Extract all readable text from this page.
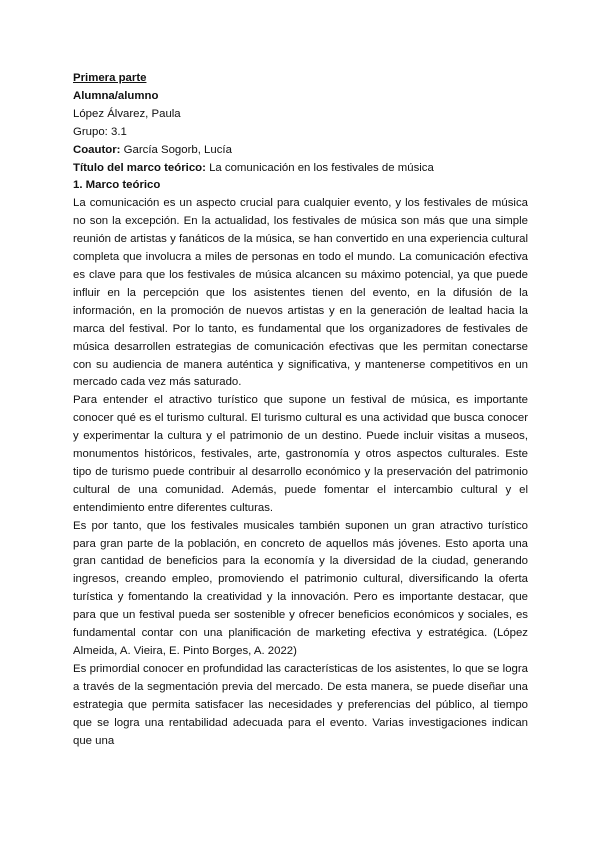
Primera parte
Alumna/alumno
López Álvarez, Paula
Grupo: 3.1
Coautor: García Sogorb, Lucía
Título del marco teórico: La comunicación en los festivales de música
1. Marco teórico

La comunicación es un aspecto crucial para cualquier evento, y los festivales de música no son la excepción. En la actualidad, los festivales de música son más que una simple reunión de artistas y fanáticos de la música, se han convertido en una experiencia cultural completa que involucra a miles de personas en todo el mundo. La comunicación efectiva es clave para que los festivales de música alcancen su máximo potencial, ya que puede influir en la percepción que los asistentes tienen del evento, en la difusión de la información, en la promoción de nuevos artistas y en la generación de lealtad hacia la marca del festival. Por lo tanto, es fundamental que los organizadores de festivales de música desarrollen estrategias de comunicación efectivas que les permitan conectarse con su audiencia de manera auténtica y significativa, y mantenerse competitivos en un mercado cada vez más saturado.

Para entender el atractivo turístico que supone un festival de música, es importante conocer qué es el turismo cultural. El turismo cultural es una actividad que busca conocer y experimentar la cultura y el patrimonio de un destino. Puede incluir visitas a museos, monumentos históricos, festivales, arte, gastronomía y otros aspectos culturales. Este tipo de turismo puede contribuir al desarrollo económico y la preservación del patrimonio cultural de una comunidad. Además, puede fomentar el intercambio cultural y el entendimiento entre diferentes culturas.

Es por tanto, que los festivales musicales también suponen un gran atractivo turístico para gran parte de la población, en concreto de aquellos más jóvenes. Esto aporta una gran cantidad de beneficios para la economía y la diversidad de la ciudad, generando ingresos, creando empleo, promoviendo el patrimonio cultural, diversificando la oferta turística y fomentando la creatividad y la innovación. Pero es importante destacar, que para que un festival pueda ser sostenible y ofrecer beneficios económicos y sociales, es fundamental contar con una planificación de marketing efectiva y estratégica. (López Almeida, A. Vieira, E. Pinto Borges, A. 2022)

Es primordial conocer en profundidad las características de los asistentes, lo que se logra a través de la segmentación previa del mercado. De esta manera, se puede diseñar una estrategia que permita satisfacer las necesidades y preferencias del público, al tiempo que se logra una rentabilidad adecuada para el evento. Varias investigaciones indican que una
